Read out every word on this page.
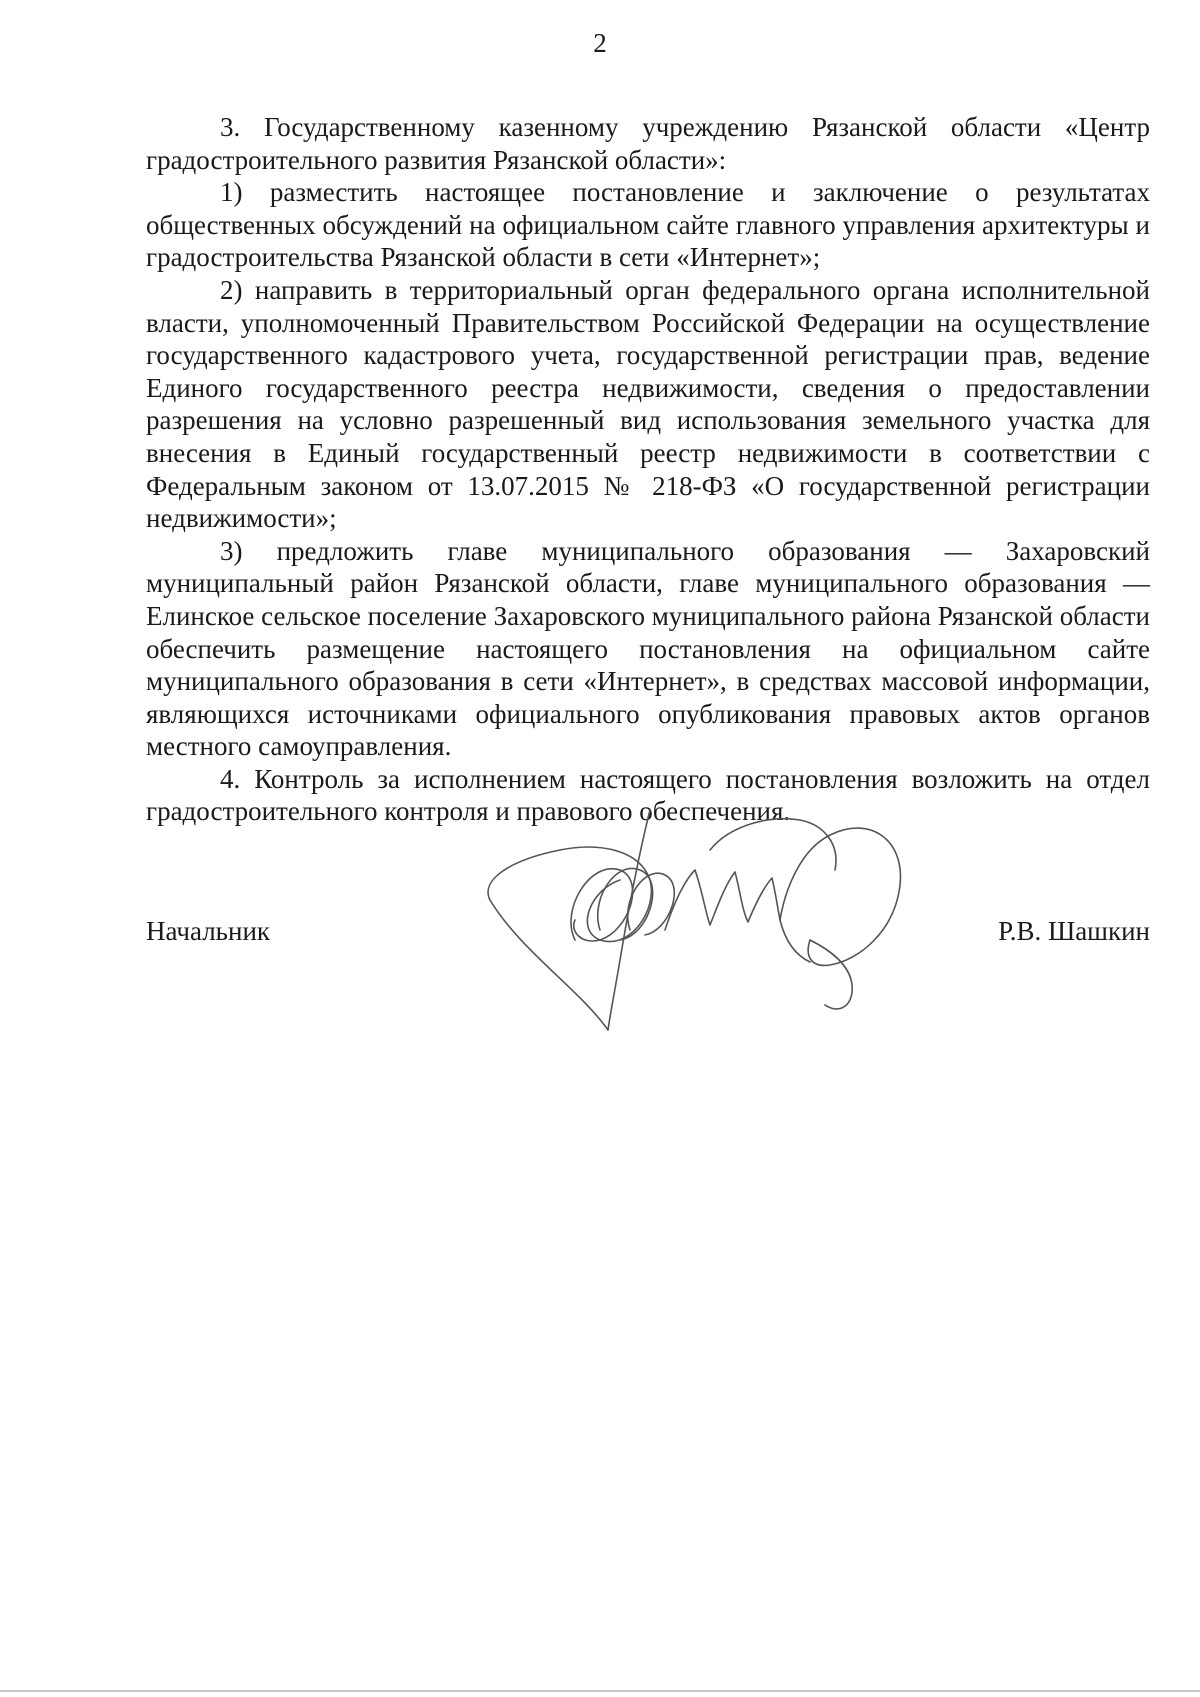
2

3. Государственному казенному учреждению Рязанской области «Центр градостроительного развития Рязанской области»:

1) разместить настоящее постановление и заключение о результатах общественных обсуждений на официальном сайте главного управления архитектуры и градостроительства Рязанской области в сети «Интернет»;

2) направить в территориальный орган федерального органа исполнительной власти, уполномоченный Правительством Российской Федерации на осуществление государственного кадастрового учета, государственной регистрации прав, ведение Единого государственного реестра недвижимости, сведения о предоставлении разрешения на условно разрешенный вид использования земельного участка для внесения в Единый государственный реестр недвижимости в соответствии с Федеральным законом от 13.07.2015 № 218-ФЗ «О государственной регистрации недвижимости»;

3) предложить главе муниципального образования — Захаровский муниципальный район Рязанской области, главе муниципального образования — Елинское сельское поселение Захаровского муниципального района Рязанской области обеспечить размещение настоящего постановления на официальном сайте муниципального образования в сети «Интернет», в средствах массовой информации, являющихся источниками официального опубликования правовых актов органов местного самоуправления.

4. Контроль за исполнением настоящего постановления возложить на отдел градостроительного контроля и правового обеспечения.

Начальник	Р.В. Шашкин
